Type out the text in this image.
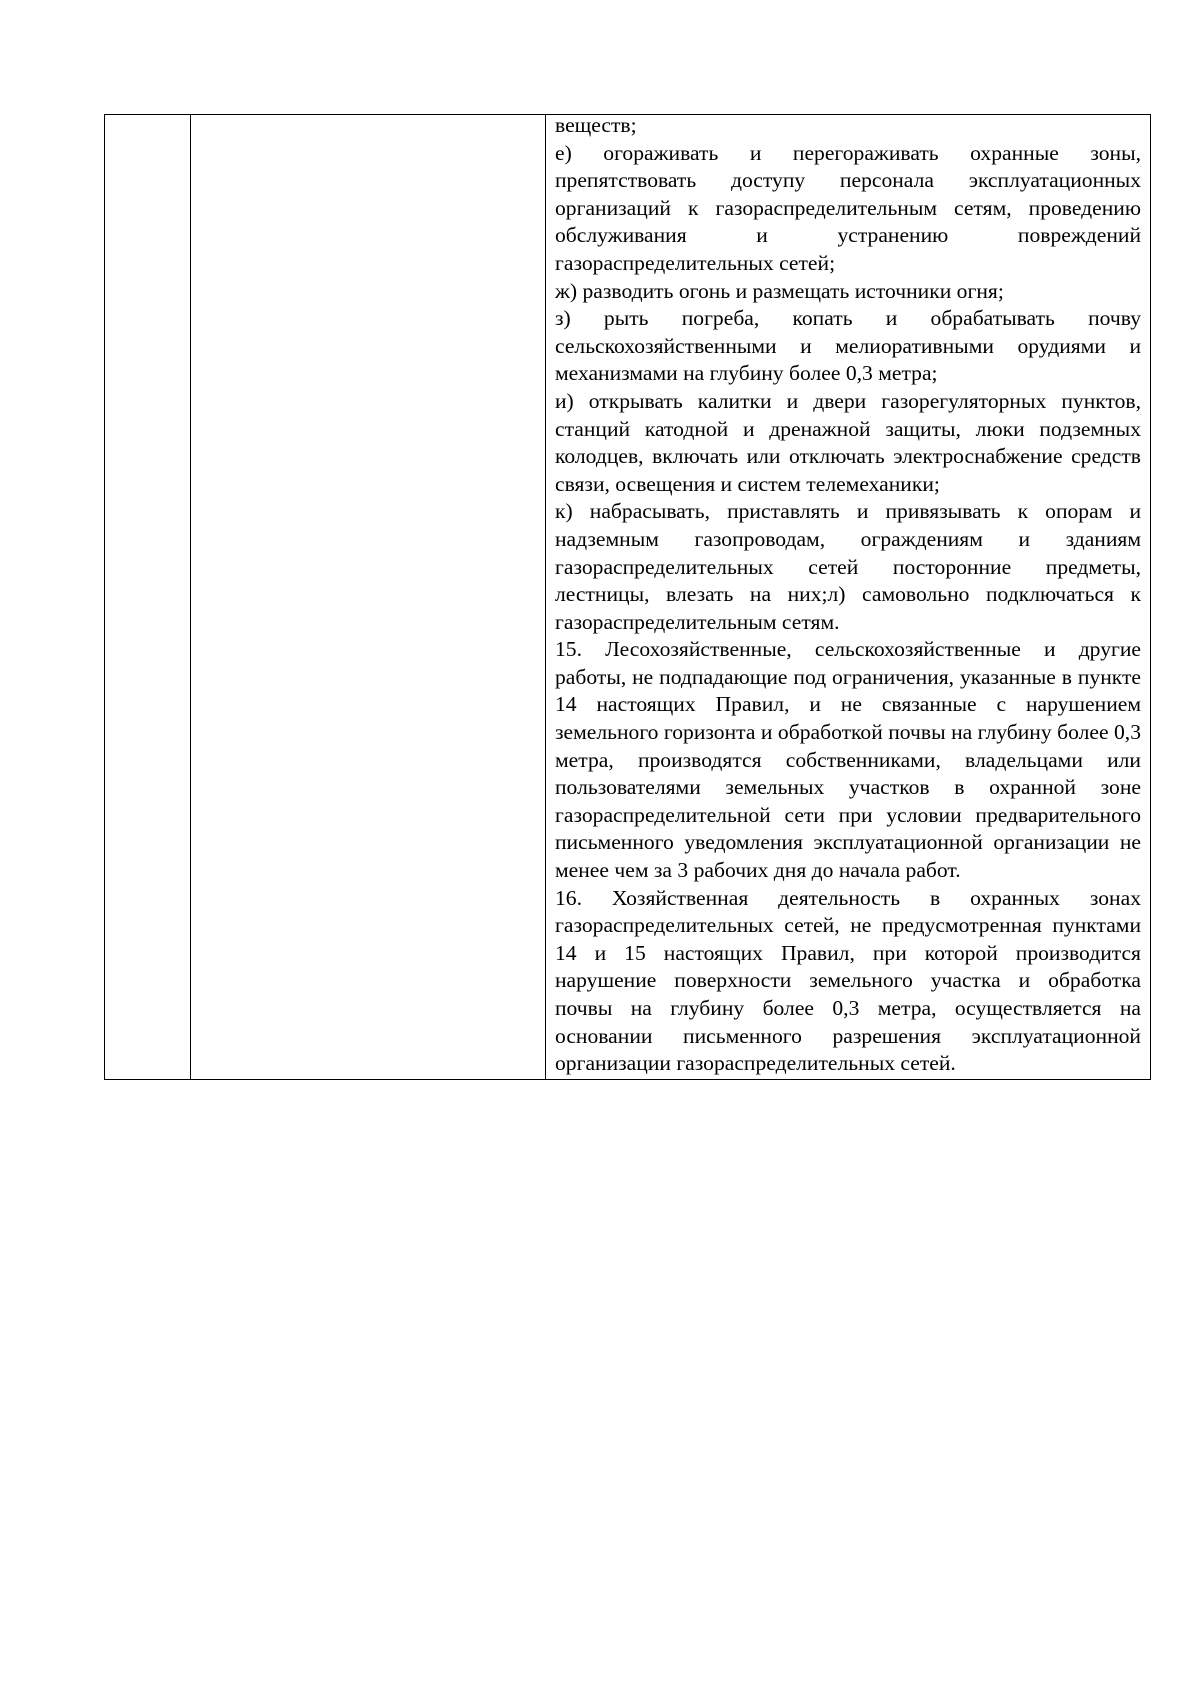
веществ;

е) огораживать и перегораживать охранные зоны, препятствовать доступу персонала эксплуатационных организаций к газораспределительным сетям, проведению обслуживания и устранению повреждений газораспределительных сетей;

ж) разводить огонь и размещать источники огня;

з) рыть погреба, копать и обрабатывать почву сельскохозяйственными и мелиоративными орудиями и механизмами на глубину более 0,3 метра;

и) открывать калитки и двери газорегуляторных пунктов, станций катодной и дренажной защиты, люки подземных колодцев, включать или отключать электроснабжение средств связи, освещения и систем телемеханики;

к) набрасывать, приставлять и привязывать к опорам и надземным газопроводам, ограждениям и зданиям газораспределительных сетей посторонние предметы, лестницы, влезать на них;л) самовольно подключаться к газораспределительным сетям.

15. Лесохозяйственные, сельскохозяйственные и другие работы, не подпадающие под ограничения, указанные в пункте 14 настоящих Правил, и не связанные с нарушением земельного горизонта и обработкой почвы на глубину более 0,3 метра, производятся собственниками, владельцами или пользователями земельных участков в охранной зоне газораспределительной сети при условии предварительного письменного уведомления эксплуатационной организации не менее чем за 3 рабочих дня до начала работ.

16. Хозяйственная деятельность в охранных зонах газораспределительных сетей, не предусмотренная пунктами 14 и 15 настоящих Правил, при которой производится нарушение поверхности земельного участка и обработка почвы на глубину более 0,3 метра, осуществляется на основании письменного разрешения эксплуатационной организации газораспределительных сетей.
